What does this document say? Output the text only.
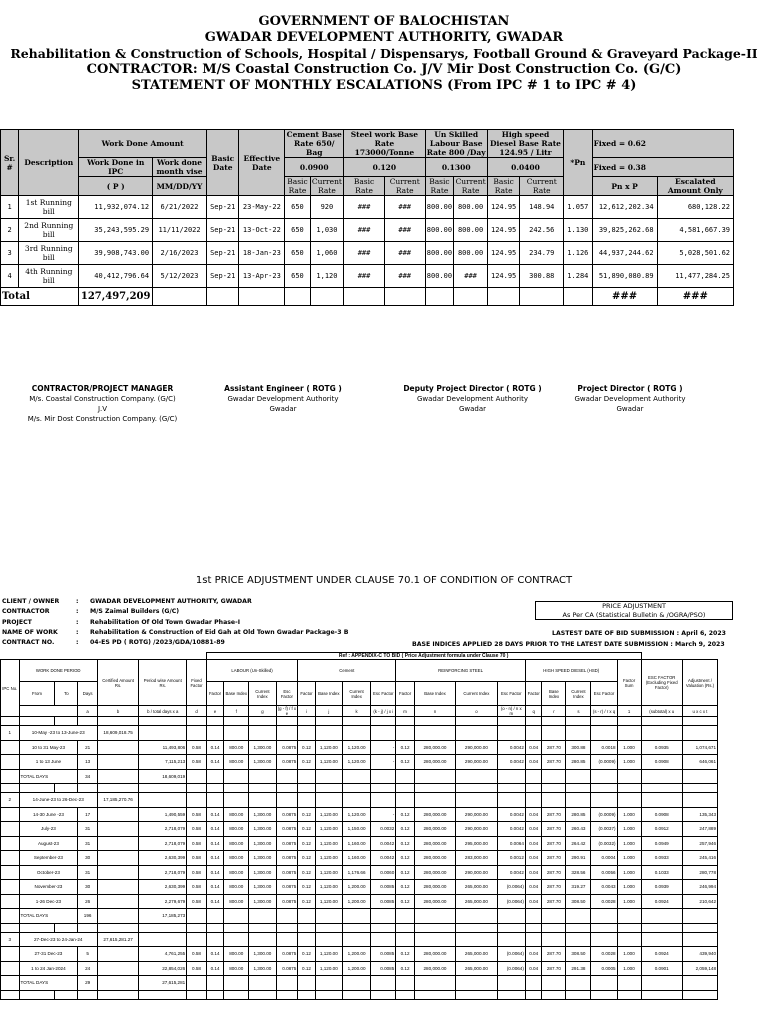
GOVERNMENT OF BALOCHISTAN
GWADAR DEVELOPMENT AUTHORITY, GWADAR
Rehabilitation & Construction of Schools, Hospital / Dispensarys, Football Ground & Graveyard Package-II
CONTRACTOR: M/S Coastal Construction Co. J/V Mir Dost Construction Co. (G/C)
STATEMENT OF MONTHLY ESCALATIONS (From IPC # 1 to IPC # 4)
Sr. #	Description	Work Done Amount		Basic Date	Effective Date	Cement Base Rate 650/ Bag		Steel work Base Rate 173000/Tonne		Un Skilled Labour Base Rate 800 /Day		High speed Diesel Base Rate 124.95 / Litr		*Pn	Fixed = 0.62	
		Work Done in IPC	Work done month vise			0.0900		0.120		0.1300		0.0400			Fixed = 0.38	
		( P )	MM/DD/YY			Basic Rate	Current Rate	Basic Rate	Current Rate	Basic Rate	Current Rate	Basic Rate	Current Rate		Pn x P	Escalated Amount Only
1	1st Running bill	11,932,074.12	6/21/2022	Sep-21	23-May-22	650	920	###	###	800.00	800.00	124.95	148.94	1.057	12,612,202.34	680,128.22
2	2nd Running bill	35,243,595.29	11/11/2022	Sep-21	13-Oct-22	650	1,030	###	###	800.00	800.00	124.95	242.56	1.130	39,825,262.68	4,581,667.39
3	3rd Running bill	39,908,743.00	2/16/2023	Sep-21	18-Jan-23	650	1,060	###	###	800.00	800.00	124.95	234.79	1.126	44,937,244.62	5,028,501.62
4	4th Running bill	40,412,796.64	5/12/2023	Sep-21	13-Apr-23	650	1,120	###	###	800.00	###	124.95	300.88	1.284	51,890,080.89	11,477,284.25
Total		127,497,209													###	###
CONTRACTOR/PROJECT MANAGER
M/s. Coastal Construction Company. (G/C)
J.V
M/s. Mir Dost Construction Company. (G/C)
Assistant Engineer ( ROTG )
Gwadar Development Authority
Gwadar
Deputy Project Director ( ROTG )
Gwadar Development Authority
Gwadar
Project Director ( ROTG )
Gwadar Development Authority
Gwadar
1st PRICE ADJUSTMENT UNDER CLAUSE 70.1 OF CONDITION OF CONTRACT
CLIENT / OWNER	:	GWADAR DEVELOPMENT AUTHORITY, GWADAR
CONTRACTOR	:	M/S Zaimal Builders (G/C)
PROJECT	:	Rehabilitation Of Old Town Gwadar Phase-I
NAME OF WORK	:	Rehabilitation & Construction of Eid Gah at Old Town Gwadar Package-3 B
CONTRACT NO.	:	04-ES PD ( ROTG) /2023/GDA/10881-89
PRICE ADJUSTMENT
As Per CA (Statistical Bulletin & /OGRA/PSO)
LASTEST DATE OF BID SUBMISSION : April 6, 2023
BASE INDICES APPLIED 28 DAYS PRIOR TO THE LATEST DATE SUBMISSION : March 9, 2023
							Ref : APPENDIX-C TO BID ( Price Adjustment formula under Clause 70 )																		
IPC No.	WORK DONE PERIOD			Certified Amount Rs.	Period wise Amount Rs.	Fixed Factor	LABOUR (Un-Skilled)				Cement				REINFORCING STEEL				HIGH SPEED DIESEL (HSD)				Factor Sum	ESC FACTOR (Excluding Fixed Factor)	Adjustment / Valuation (Rs.)
	From	To	Days				Factor	Base Index	Current Index	Esc Factor	Factor	Base Index	Current Index	Esc Factor	Factor	Base Index	Current Index	Esc Factor	Factor	Base Index	Current Index	Esc Factor			
			a	b	b / total days x a	d	e	f	g	(g - f) / f x e	i	j	k	(k - j) / j x i	m	n	o	(o - n) / n x m	q	r	s	(s - r) / r x q	1	(subtotal) x u	u x c x t

1	10-May -23 to 13-June-23			18,609,018.75																					
	10 to 31 May-23		21		11,493,806	0.58	0.14	800.00	1,300.00	0.0875	0.12	1,120.00	1,120.00	-	0.12	280,000.00	290,000.00	0.0042	0.04	287.70	300.88	0.0018	1.000	0.0935	1,074,671
	1 to 13 June		13		7,115,213	0.58	0.14	800.00	1,300.00	0.0875	0.12	1,120.00	1,120.00	-	0.12	280,000.00	290,000.00	0.0042	0.04	287.70	280.85	(0.0009)	1.000	0.0908	646,061
	TOTAL DAYS		34		18,609,019																				

2	14-June-23 to 26-Dec-23			17,185,270.76																					
	14-30 June -23		17		1,490,559	0.58	0.14	800.00	1,300.00	0.0875	0.12	1,120.00	1,120.00	-	0.12	280,000.00	290,000.00	0.0042	0.04	287.70	280.85	(0.0009)	1.000	0.0908	135,343
	July-23		31		2,718,079	0.58	0.14	800.00	1,300.00	0.0875	0.12	1,120.00	1,150.00	0.0032	0.12	280,000.00	290,000.00	0.0042	0.04	287.70	260.43	(0.0037)	1.000	0.0912	247,889
	August-23		31		2,718,079	0.58	0.14	800.00	1,300.00	0.0875	0.12	1,120.00	1,160.00	0.0042	0.12	280,000.00	295,000.00	0.0064	0.04	287.70	264.42	(0.0032)	1.000	0.0949	257,946
	September-23		30		2,630,399	0.58	0.14	800.00	1,300.00	0.0875	0.12	1,120.00	1,160.00	0.0042	0.12	280,000.00	283,000.00	0.0012	0.04	287.70	290.91	0.0004	1.000	0.0933	245,416
	October-23		31		2,718,079	0.58	0.14	800.00	1,300.00	0.0875	0.12	1,120.00	1,176.66	0.0060	0.12	280,000.00	290,000.00	0.0042	0.04	287.70	328.56	0.0056	1.000	0.1033	280,778
	November-23		30		2,630,399	0.58	0.14	800.00	1,300.00	0.0875	0.12	1,120.00	1,200.00	0.0085	0.12	280,000.00	265,000.00	(0.0064)	0.04	287.70	319.27	0.0043	1.000	0.0939	246,994
	1-26 Dec-23		26		2,279,679	0.58	0.14	800.00	1,300.00	0.0875	0.12	1,120.00	1,200.00	0.0085	0.12	280,000.00	265,000.00	(0.0064)	0.04	287.70	308.50	0.0028	1.000	0.0924	210,642
	TOTAL DAYS		196		17,185,273																				

3	27-Dec-23 to 24-Jan-24			27,615,281.27																					
	27-31 Dec-23		5		4,761,255	0.58	0.14	800.00	1,300.00	0.0875	0.12	1,120.00	1,200.00	0.0085	0.12	280,000.00	265,000.00	(0.0064)	0.04	287.70	308.50	0.0028	1.000	0.0924	439,940
	1 to 24 Jan-2024		24		22,854,026	0.58	0.14	800.00	1,300.00	0.0875	0.12	1,120.00	1,200.00	0.0085	0.12	280,000.00	265,000.00	(0.0064)	0.04	287.70	291.38	0.0005	1.000	0.0901	2,059,148
	TOTAL DAYS		29		27,615,281																				
